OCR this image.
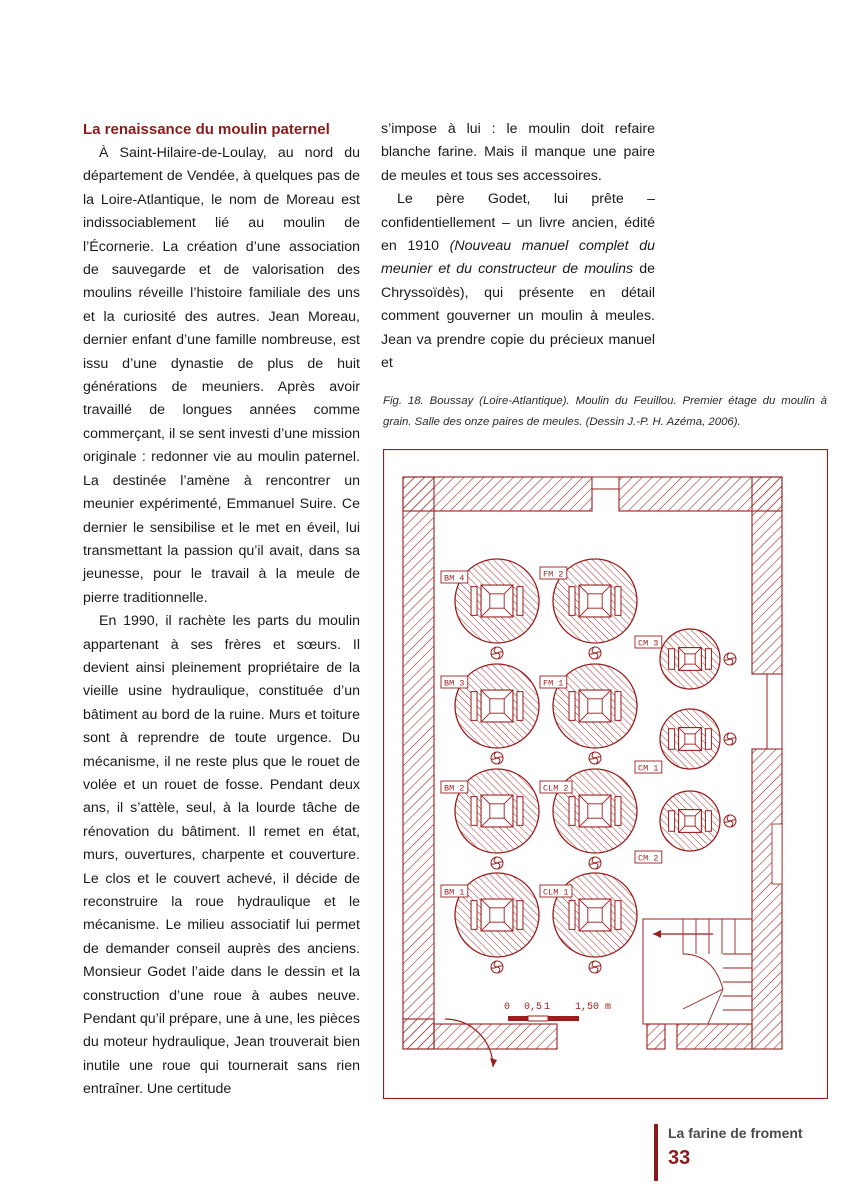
La renaissance du moulin paternel

À Saint-Hilaire-de-Loulay, au nord du département de Vendée, à quelques pas de la Loire-Atlantique, le nom de Moreau est indissociablement lié au moulin de l’Écornerie. La création d’une association de sauvegarde et de valorisation des moulins réveille l’histoire familiale des uns et la curiosité des autres. Jean Moreau, dernier enfant d’une famille nombreuse, est issu d’une dynastie de plus de huit générations de meuniers. Après avoir travaillé de longues années comme commerçant, il se sent investi d’une mission originale : redonner vie au moulin paternel. La destinée l’amène à rencontrer un meunier expérimenté, Emmanuel Suire. Ce dernier le sensibilise et le met en éveil, lui transmettant la passion qu’il avait, dans sa jeunesse, pour le travail à la meule de pierre traditionnelle.

En 1990, il rachète les parts du moulin appartenant à ses frères et sœurs. Il devient ainsi pleinement propriétaire de la vieille usine hydraulique, constituée d’un bâtiment au bord de la ruine. Murs et toiture sont à reprendre de toute urgence. Du mécanisme, il ne reste plus que le rouet de volée et un rouet de fosse. Pendant deux ans, il s’attèle, seul, à la lourde tâche de rénovation du bâtiment. Il remet en état, murs, ouvertures, charpente et couverture. Le clos et le couvert achevé, il décide de reconstruire la roue hydraulique et le mécanisme. Le milieu associatif lui permet de demander conseil auprès des anciens. Monsieur Godet l’aide dans le dessin et la construction d’une roue à aubes neuve. Pendant qu’il prépare, une à une, les pièces du moteur hydraulique, Jean trouverait bien inutile une roue qui tournerait sans rien entraîner. Une certitude

s’impose à lui : le moulin doit refaire blanche farine. Mais il manque une paire de meules et tous ses accessoires.

Le père Godet, lui prête – confidentiellement – un livre ancien, édité en 1910 (Nouveau manuel complet du meunier et du constructeur de moulins de Chryssoïdès), qui présente en détail comment gouverner un moulin à meules. Jean va prendre copie du précieux manuel et

Fig. 18. Boussay (Loire-Atlantique). Moulin du Feuillou. Premier étage du moulin à grain. Salle des onze paires de meules. (Dessin J.-P. H. Azéma, 2006).
BM 4	FM 2
CM 3
BM 3	FM 1
CM 1
BM 2	CLM 2
CM 2
BM 1	CLM 1
0 0,5 1 1,50 m
La farine de froment
33
